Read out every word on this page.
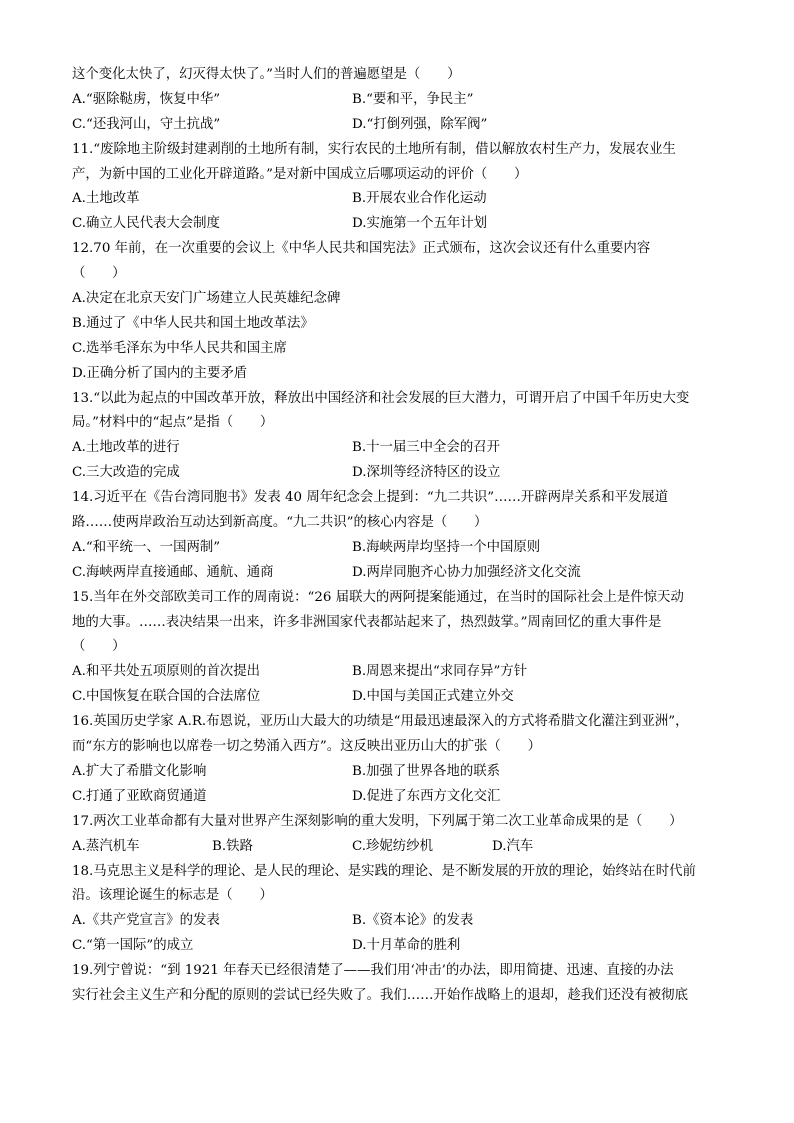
这个变化太快了，幻灭得太快了。”当时人们的普遍愿望是（　　）
A.“驱除鞑虏，恢复中华”	B.“要和平，争民主”
C.“还我河山，守土抗战”	D.“打倒列强，除军阀”
11.“废除地主阶级封建剥削的土地所有制，实行农民的土地所有制，借以解放农村生产力，发展农业生
产，为新中国的工业化开辟道路。”是对新中国成立后哪项运动的评价（　　）
A.土地改革	B.开展农业合作化运动
C.确立人民代表大会制度	D.实施第一个五年计划
12.70 年前，在一次重要的会议上《中华人民共和国宪法》正式颁布，这次会议还有什么重要内容
（　　）
A.决定在北京天安门广场建立人民英雄纪念碑
B.通过了《中华人民共和国土地改革法》
C.选举毛泽东为中华人民共和国主席
D.正确分析了国内的主要矛盾
13.“以此为起点的中国改革开放，释放出中国经济和社会发展的巨大潜力，可谓开启了中国千年历史大变
局。”材料中的“起点”是指（　　）
A.土地改革的进行	B.十一届三中全会的召开
C.三大改造的完成	D.深圳等经济特区的设立
14.习近平在《告台湾同胞书》发表 40 周年纪念会上提到：“九二共识”……开辟两岸关系和平发展道
路……使两岸政治互动达到新高度。“九二共识”的核心内容是（　　）
A.“和平统一、一国两制”	B.海峡两岸均坚持一个中国原则
C.海峡两岸直接通邮、通航、通商	D.两岸同胞齐心协力加强经济文化交流
15.当年在外交部欧美司工作的周南说：“26 届联大的两阿提案能通过，在当时的国际社会上是件惊天动
地的大事。……表决结果一出来，许多非洲国家代表都站起来了，热烈鼓掌。”周南回忆的重大事件是
（　　）
A.和平共处五项原则的首次提出	B.周恩来提出“求同存异”方针
C.中国恢复在联合国的合法席位	D.中国与美国正式建立外交
16.英国历史学家 A.R.布恩说，亚历山大最大的功绩是“用最迅速最深入的方式将希腊文化灌注到亚洲”，
而“东方的影响也以席卷一切之势涌入西方”。这反映出亚历山大的扩张（　　）
A.扩大了希腊文化影响	B.加强了世界各地的联系
C.打通了亚欧商贸通道	D.促进了东西方文化交汇
17.两次工业革命都有大量对世界产生深刻影响的重大发明，下列属于第二次工业革命成果的是（　　）
A.蒸汽机车	B.铁路	C.珍妮纺纱机	D.汽车
18.马克思主义是科学的理论、是人民的理论、是实践的理论、是不断发展的开放的理论，始终站在时代前
沿。该理论诞生的标志是（　　）
A.《共产党宣言》的发表	B.《资本论》的发表
C.“第一国际”的成立	D.十月革命的胜利
19.列宁曾说：“到 1921 年春天已经很清楚了——我们用‘冲击’的办法，即用简捷、迅速、直接的办法
实行社会主义生产和分配的原则的尝试已经失败了。我们……开始作战略上的退却，趁我们还没有被彻底
